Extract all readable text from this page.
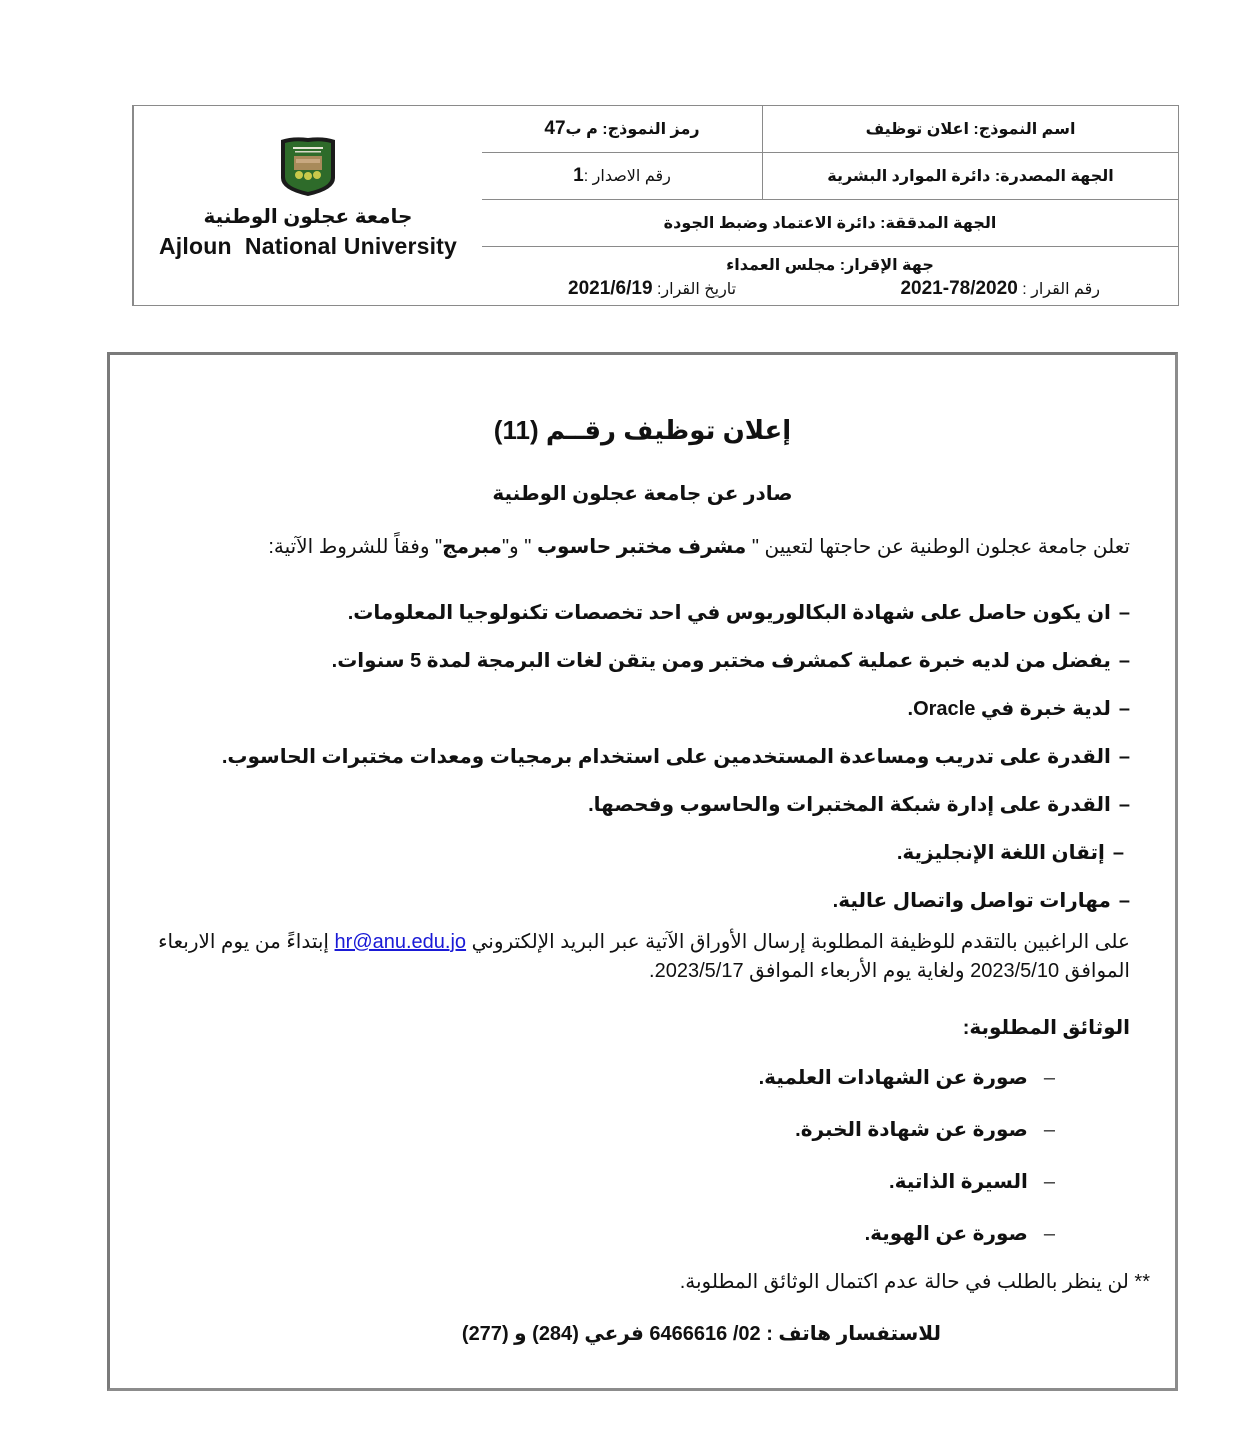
جامعة عجلون الوطنية
Ajloun  National University
اسم النموذج: اعلان توظيف
رمز النموذج: م ب
47
الجهة المصدرة: دائرة الموارد البشرية
رقم الاصدار :
1
الجهة المدققة: دائرة الاعتماد وضبط الجودة
جهة الإقرار: مجلس العمداء
رقم القرار : 78/2020-2021
تاريخ القرار: 2021/6/19
إعلان توظيف رقــم (11)
صادر عن جامعة عجلون الوطنية
تعلن جامعة عجلون الوطنية عن حاجتها لتعيين " مشرف مختبر حاسوب " و"مبرمج" وفقاً للشروط الآتية:
–ان يكون حاصل على شهادة البكالوريوس في احد تخصصات تكنولوجيا المعلومات.
–يفضل من لديه خبرة عملية كمشرف مختبر ومن يتقن لغات البرمجة لمدة 5 سنوات.
–لدية خبرة في Oracle.
–القدرة على تدريب ومساعدة المستخدمين على استخدام برمجيات ومعدات مختبرات الحاسوب.
–القدرة على إدارة شبكة المختبرات والحاسوب وفحصها.
–إتقان اللغة الإنجليزية.
–مهارات تواصل واتصال عالية.
على الراغبين بالتقدم للوظيفة المطلوبة إرسال الأوراق الآتية عبر البريد الإلكتروني hr@anu.edu.jo إبتداءً من يوم الاربعاء الموافق 2023/5/10 ولغاية يوم الأربعاء الموافق 2023/5/17.
الوثائق المطلوبة:
–صورة عن الشهادات العلمية.
–صورة عن شهادة الخبرة.
–السيرة الذاتية.
–صورة عن الهوية.
** لن ينظر بالطلب في حالة عدم اكتمال الوثائق المطلوبة.
للاستفسار هاتف : 02/ 6466616 فرعي (284) و (277)
